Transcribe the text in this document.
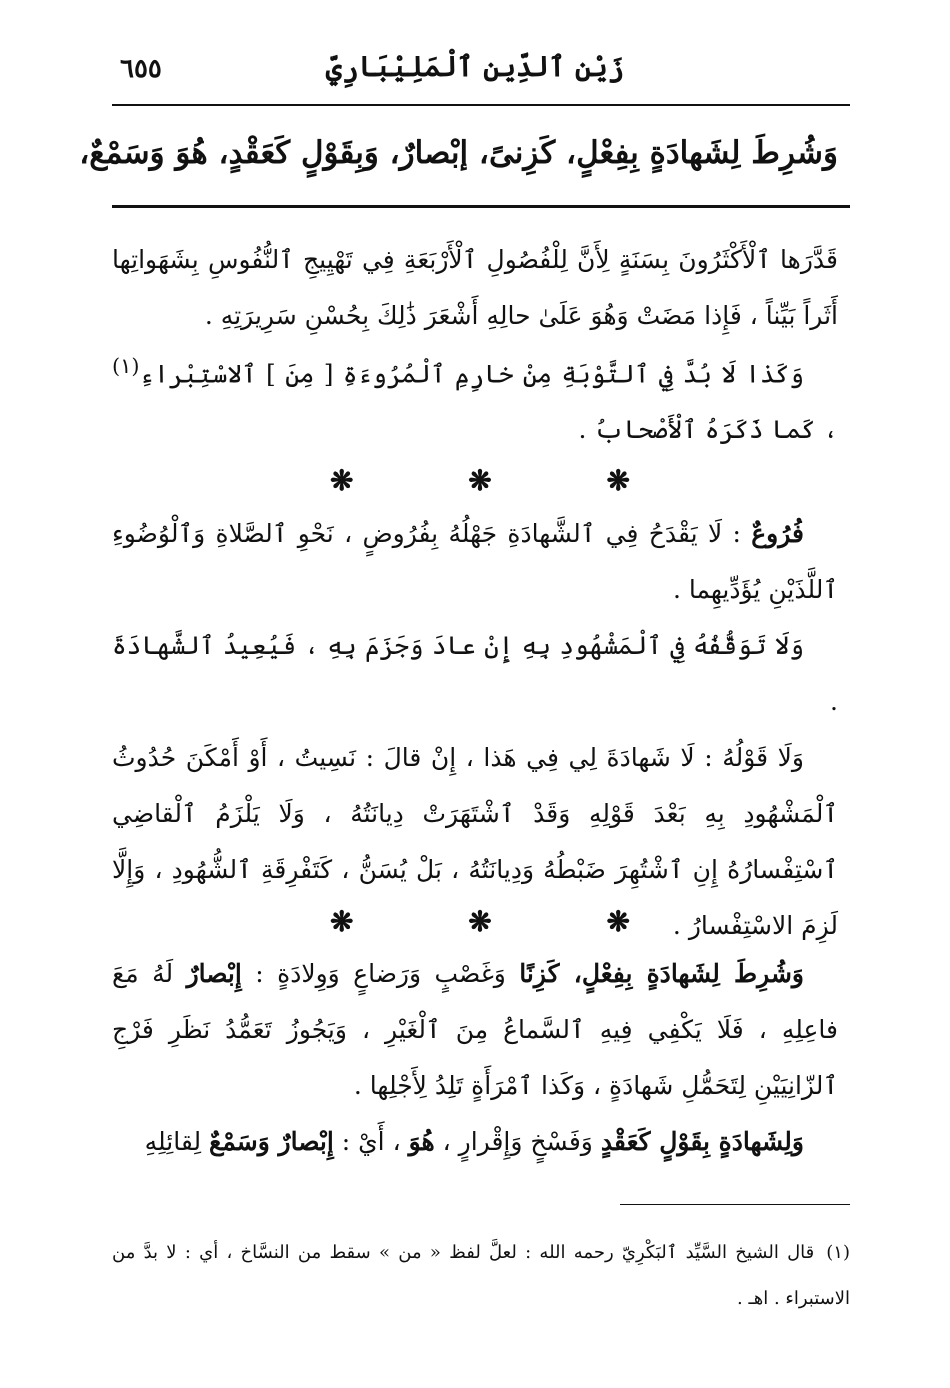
زَيْن ٱلدِّين ٱلْمَلِيْبَارِيّ
٦٥٥
وَشُرِطَ لِشَهادَةٍ بِفِعْلٍ، كَزِنىً، إبْصارٌ، وَبِقَوْلٍ كَعَقْدٍ، هُوَ وَسَمْعٌ،

قَدَّرَها ٱلْأَكْثَرُونَ بِسَنَةٍ لِأَنَّ لِلْفُصُولِ ٱلْأَرْبَعَةِ فِي تَهْيِيجِ ٱلنُّفُوسِ بِشَهَواتِها أَثَراً بَيِّناً ، فَإِذا مَضَتْ وَهُوَ عَلَىٰ حالِهِ أَشْعَرَ ذَٰلِكَ بِحُسْنِ سَرِيرَتِهِ .

وَكَذا لَا بُدَّ فِي ٱلتَّوْبَةِ مِنْ خارِمِ ٱلْمُرُوءَةِ [ مِنَ ] ٱلاسْتِبْراءِ$^{(١)}$ ، كَما ذَكَرَهُ ٱلْأَصْحابُ .

❋	❋	❋

فُرُوعٌ : لَا يَقْدَحُ فِي ٱلشَّهادَةِ جَهْلُهُ بِفُرُوضٍ ، نَحْوِ ٱلصَّلاةِ وَٱلْوُضُوءِ ٱللَّذَيْنِ يُؤَدِّيهِما .

وَلَا تَوَقُّفُهُ فِي ٱلْمَشْهُودِ بِهِ إِنْ عادَ وَجَزَمَ بِهِ ، فَيُعِيدُ ٱلشَّهادَةَ .

وَلَا قَوْلُهُ : لَا شَهادَةَ لِي فِي هَذا ، إِنْ قالَ : نَسِيتُ ، أَوْ أَمْكَنَ حُدُوثُ ٱلْمَشْهُودِ بِهِ بَعْدَ قَوْلِهِ وَقَدْ ٱشْتَهَرَتْ دِيانَتُهُ ، وَلَا يَلْزَمُ ٱلْقاضِي ٱسْتِفْسارُهُ إِنِ ٱشْتُهِرَ ضَبْطُهُ وَدِيانَتُهُ ، بَلْ يُسَنُّ ، كَتَفْرِقَةِ ٱلشُّهُودِ ، وَإِلَّا لَزِمَ الاسْتِفْسارُ .

❋	❋	❋

وَشُرِطَ لِشَهادَةٍ بِفِعْلٍ، كَزِنًا وَغَصْبٍ وَرَضاعٍ وَوِلادَةٍ : إِبْصارٌ لَهُ مَعَ فاعِلِهِ ، فَلَا يَكْفِي فِيهِ ٱلسَّماعُ مِنَ ٱلْغَيْرِ ، وَيَجُوزُ تَعَمُّدُ نَظَرِ فَرْجِ ٱلزّانِيَيْنِ لِتَحَمُّلِ شَهادَةٍ ، وَكَذا ٱمْرَأَةٍ تَلِدُ لِأَجْلِها .

وَلِشَهادَةٍ بِقَوْلٍ كَعَقْدٍ وَفَسْخٍ وَإِقْرارٍ ، هُوَ ، أَيْ : إِبْصارٌ وَسَمْعٌ لِقائِلِهِ

(١)قال الشيخ السَّيِّد ٱلبَكْرِيّ رحمه الله : لعلَّ لفظ « من » سقط من النسَّاخ ، أي : لا بدَّ من الاستبراء . اهـ .
